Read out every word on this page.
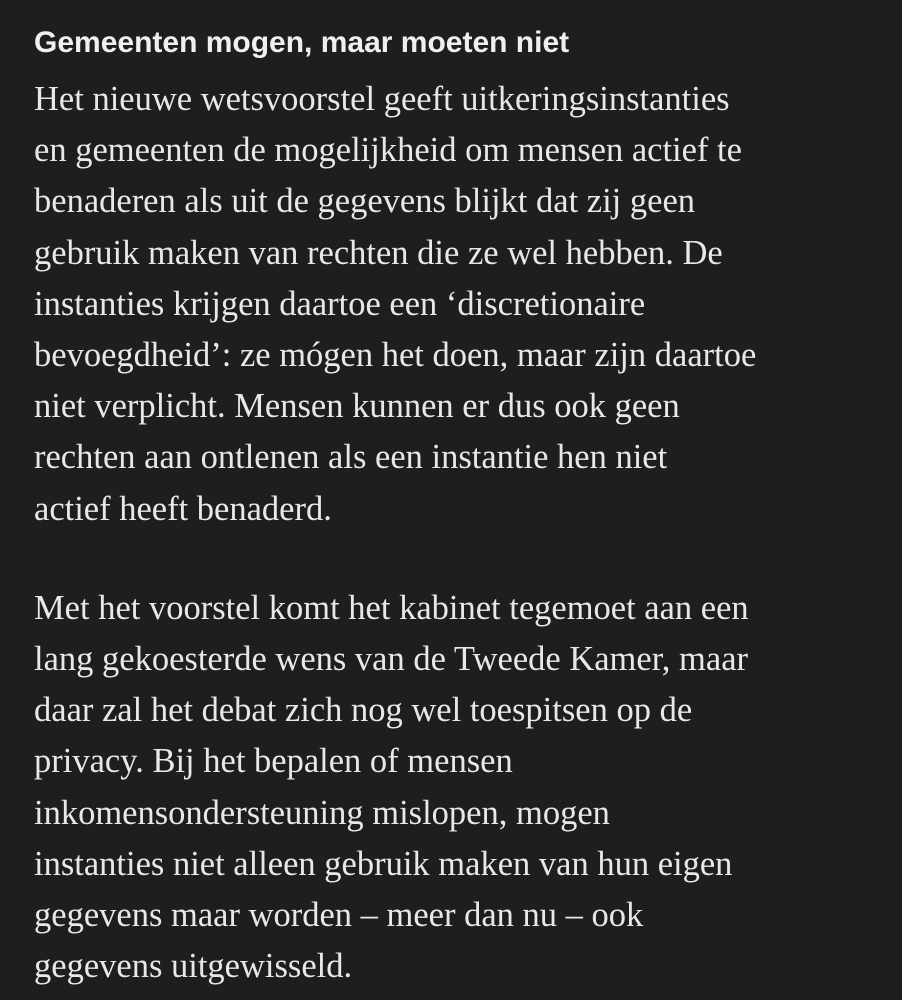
Gemeenten mogen, maar moeten niet

Het nieuwe wetsvoorstel geeft uitkeringsinstanties
en gemeenten de mogelijkheid om mensen actief te
benaderen als uit de gegevens blijkt dat zij geen
gebruik maken van rechten die ze wel hebben. De
instanties krijgen daartoe een ‘discretionaire
bevoegdheid’: ze mógen het doen, maar zijn daartoe
niet verplicht. Mensen kunnen er dus ook geen
rechten aan ontlenen als een instantie hen niet
actief heeft benaderd.

Met het voorstel komt het kabinet tegemoet aan een
lang gekoesterde wens van de Tweede Kamer, maar
daar zal het debat zich nog wel toespitsen op de
privacy. Bij het bepalen of mensen
inkomensondersteuning mislopen, mogen
instanties niet alleen gebruik maken van hun eigen
gegevens maar worden – meer dan nu – ook
gegevens uitgewisseld.
